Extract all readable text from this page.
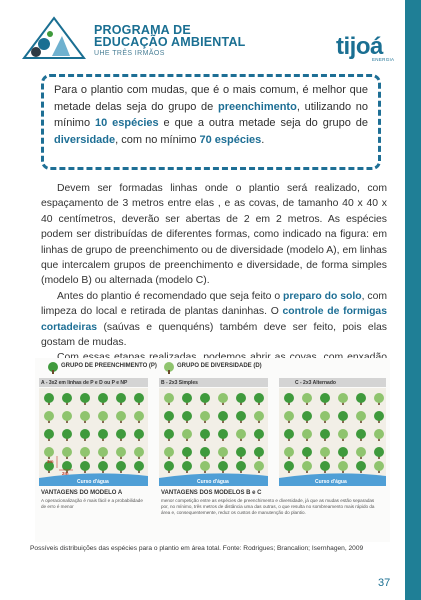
PROGRAMA DE
EDUCAÇÃO AMBIENTAL
UHE TRÊS IRMÃOS	tijoá
ENERGIA

Para o plantio com mudas, que é o mais comum, é melhor que metade delas seja do grupo de preenchimento, utilizando no mínimo 10 espécies e que a outra metade seja do grupo de diversidade, com no mínimo 70 espécies.

Devem ser formadas linhas onde o plantio será realizado, com espaçamento de 3 metros entre elas , e as covas, de tamanho 40 x 40 x 40 centímetros, deverão ser abertas de 2 em 2 metros. As espécies podem ser distribuídas de diferentes formas, como indicado na figura: em linhas de grupo de preenchimento ou de diversidade (modelo A), em linhas que intercalem grupos de preenchimento e diversidade, de forma simples (modelo B) ou alternada (modelo C).

Antes do plantio é recomendado que seja feito o preparo do solo, com limpeza do local e retirada de plantas daninhas. O controle de formigas cortadeiras (saúvas e quenquéns) também deve ser feito, pois elas gostam de mudas.

GRUPO DE PREENCHIMENTO (P)	GRUPO DE DIVERSIDADE (D)
A - 3x2 em linhas de P e D ou P e NP	B - 2x3 Simples	C - 2x3 Alternado
Curso d'água	Curso d'água	Curso d'água
3m
2m
VANTAGENS DO MODELO A
A operacionalização é mais fácil e a probabilidade de erro é menor
VANTAGENS DOS MODELOS B e C
menor competição entre as espécies de preenchimento e diversidade, já que as mudas estão separadas por, no mínimo, três metros de distância uma das outras, o que resulta no sombreamento mais rápido da área e, consequentemente, reduz os custos de manutenção do plantio.
Possíveis distribuições das espécies para o plantio em área total. Fonte: Rodrigues; Brancalion; Isernhagen, 2009
37
